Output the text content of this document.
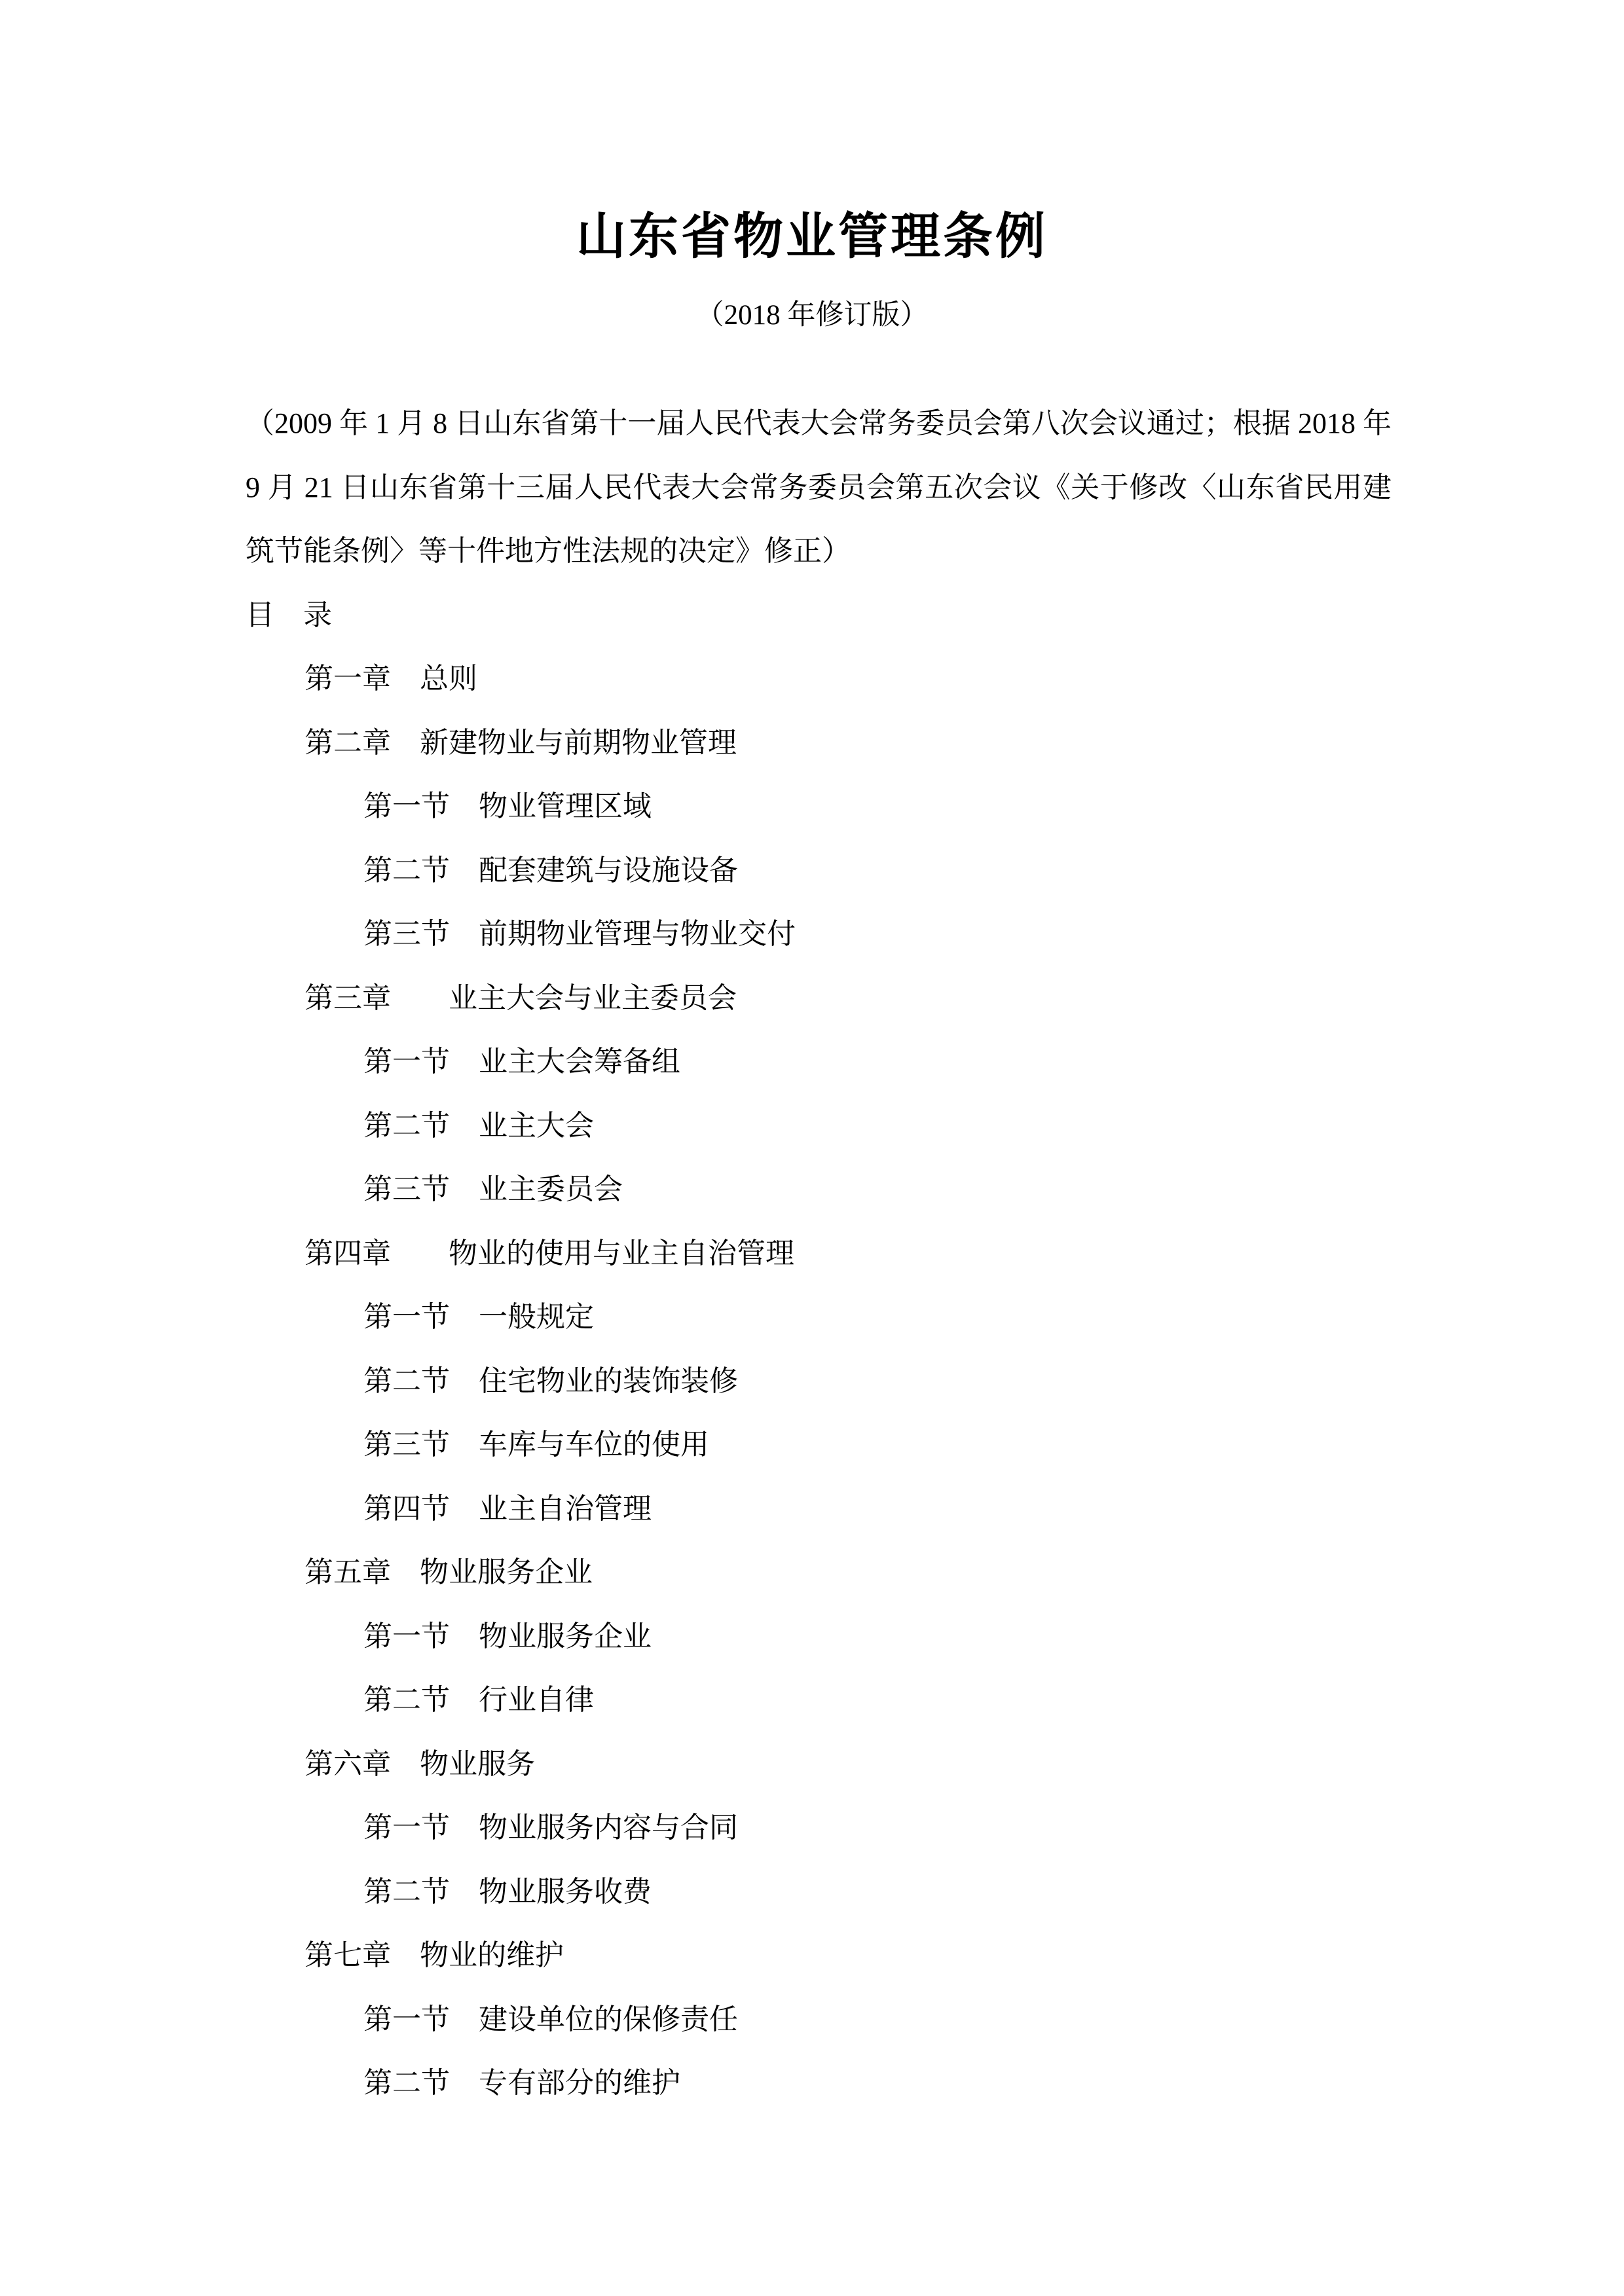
山东省物业管理条例
（2018 年修订版）
（2009 年 1 月 8 日山东省第十一届人民代表大会常务委员会第八次会议通过；根据 2018 年
9 月 21 日山东省第十三届人民代表大会常务委员会第五次会议《关于修改〈山东省民用建
筑节能条例〉等十件地方性法规的决定》修正）
目　录
第一章　总则
第二章　新建物业与前期物业管理
第一节　物业管理区域
第二节　配套建筑与设施设备
第三节　前期物业管理与物业交付
第三章　　业主大会与业主委员会
第一节　业主大会筹备组
第二节　业主大会
第三节　业主委员会
第四章　　物业的使用与业主自治管理
第一节　一般规定
第二节　住宅物业的装饰装修
第三节　车库与车位的使用
第四节　业主自治管理
第五章　物业服务企业
第一节　物业服务企业
第二节　行业自律
第六章　物业服务
第一节　物业服务内容与合同
第二节　物业服务收费
第七章　物业的维护
第一节　建设单位的保修责任
第二节　专有部分的维护
